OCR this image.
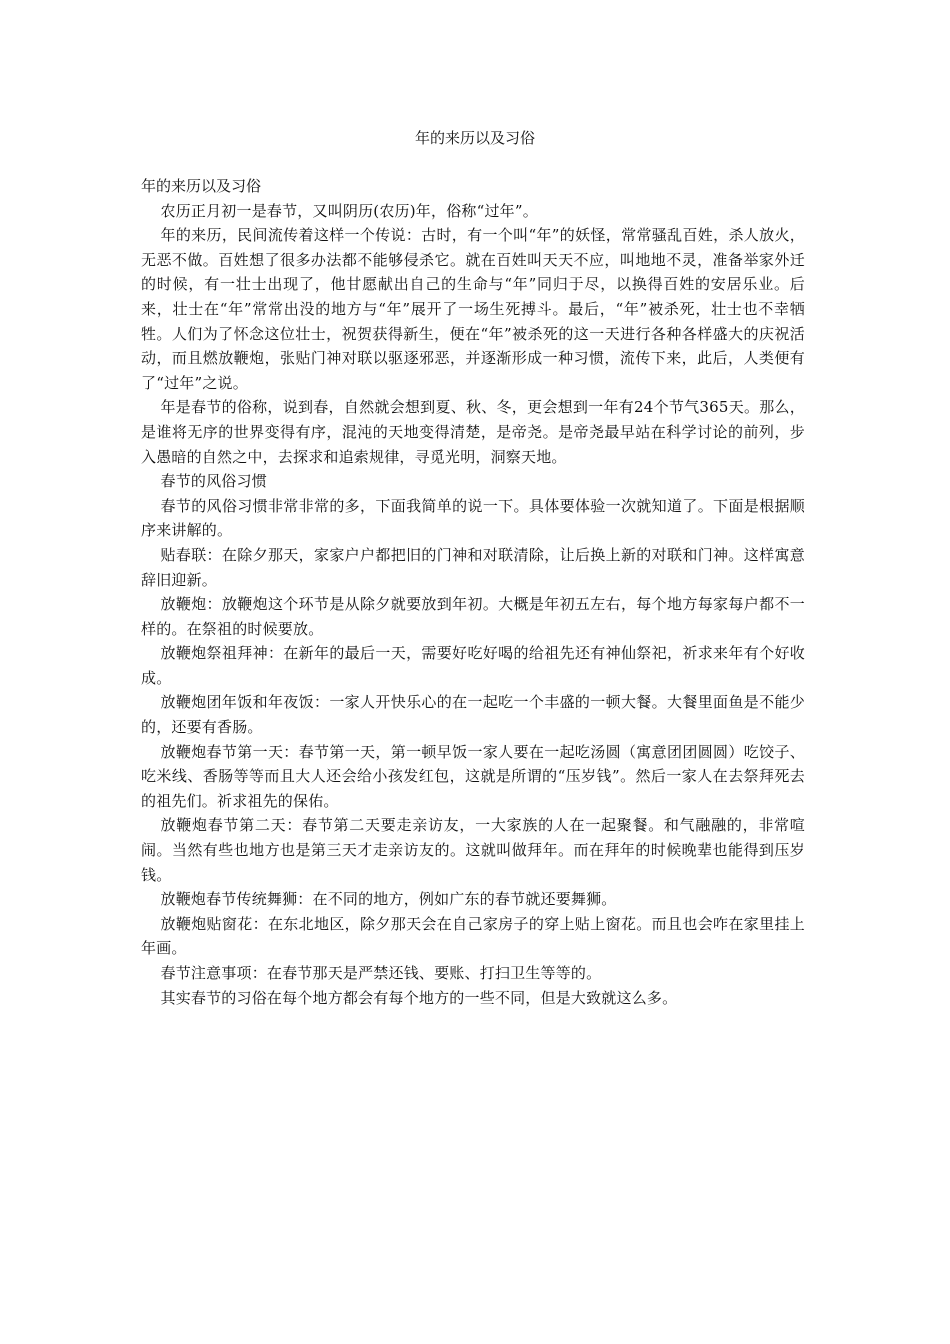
年的来历以及习俗

年的来历以及习俗

农历正月初一是春节，又叫阴历(农历)年，俗称“过年”。

年的来历，民间流传着这样一个传说：古时，有一个叫“年”的妖怪，常常骚乱百姓，杀人放火，无恶不做。百姓想了很多办法都不能够侵杀它。就在百姓叫天天不应，叫地地不灵，准备举家外迁的时候，有一壮士出现了，他甘愿献出自己的生命与“年”同归于尽，以换得百姓的安居乐业。后来，壮士在“年”常常出没的地方与“年”展开了一场生死搏斗。最后，“年”被杀死，壮士也不幸牺牲。人们为了怀念这位壮士，祝贺获得新生，便在“年”被杀死的这一天进行各种各样盛大的庆祝活动，而且燃放鞭炮，张贴门神对联以驱逐邪恶，并逐渐形成一种习惯，流传下来，此后，人类便有了“过年”之说。

年是春节的俗称，说到春，自然就会想到夏、秋、冬，更会想到一年有24个节气365天。那么，是谁将无序的世界变得有序，混沌的天地变得清楚，是帝尧。是帝尧最早站在科学讨论的前列，步入愚暗的自然之中，去探求和追索规律，寻觅光明，洞察天地。

春节的风俗习惯

春节的风俗习惯非常非常的多，下面我简单的说一下。具体要体验一次就知道了。下面是根据顺序来讲解的。

贴春联：在除夕那天，家家户户都把旧的门神和对联清除，让后换上新的对联和门神。这样寓意辞旧迎新。

放鞭炮：放鞭炮这个环节是从除夕就要放到年初。大概是年初五左右，每个地方每家每户都不一样的。在祭祖的时候要放。

放鞭炮祭祖拜神：在新年的最后一天，需要好吃好喝的给祖先还有神仙祭祀，祈求来年有个好收成。

放鞭炮团年饭和年夜饭：一家人开快乐心的在一起吃一个丰盛的一顿大餐。大餐里面鱼是不能少的，还要有香肠。

放鞭炮春节第一天：春节第一天，第一顿早饭一家人要在一起吃汤圆（寓意团团圆圆）吃饺子、吃米线、香肠等等而且大人还会给小孩发红包，这就是所谓的“压岁钱”。然后一家人在去祭拜死去的祖先们。祈求祖先的保佑。

放鞭炮春节第二天：春节第二天要走亲访友，一大家族的人在一起聚餐。和气融融的，非常喧闹。当然有些也地方也是第三天才走亲访友的。这就叫做拜年。而在拜年的时候晚辈也能得到压岁钱。

放鞭炮春节传统舞狮：在不同的地方，例如广东的春节就还要舞狮。

放鞭炮贴窗花：在东北地区，除夕那天会在自己家房子的穿上贴上窗花。而且也会咋在家里挂上年画。

春节注意事项：在春节那天是严禁还钱、要账、打扫卫生等等的。

其实春节的习俗在每个地方都会有每个地方的一些不同，但是大致就这么多。
